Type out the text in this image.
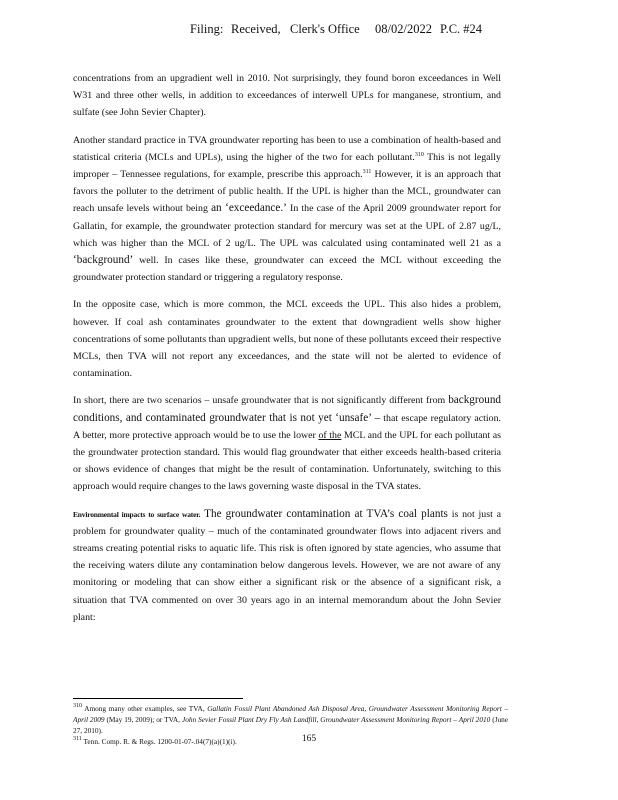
Filing: Received, Clerk's Office 08/02/2022 P.C. #24

concentrations from an upgradient well in 2010. Not surprisingly, they found boron exceedances in Well W31 and three other wells, in addition to exceedances of interwell UPLs for manganese, strontium, and sulfate (see John Sevier Chapter).

Another standard practice in TVA groundwater reporting has been to use a combination of health-based and statistical criteria (MCLs and UPLs), using the higher of the two for each pollutant.$^{310}$ This is not legally improper – Tennessee regulations, for example, prescribe this approach.$^{311}$ However, it is an approach that favors the polluter to the detriment of public health. If the UPL is higher than the MCL, groundwater can reach unsafe levels without being an ‘exceedance.’ In the case of the April 2009 groundwater report for Gallatin, for example, the groundwater protection standard for mercury was set at the UPL of 2.87 ug/L, which was higher than the MCL of 2 ug/L. The UPL was calculated using contaminated well 21 as a ‘background’ well. In cases like these, groundwater can exceed the MCL without exceeding the groundwater protection standard or triggering a regulatory response.

In the opposite case, which is more common, the MCL exceeds the UPL. This also hides a problem, however. If coal ash contaminates groundwater to the extent that downgradient wells show higher concentrations of some pollutants than upgradient wells, but none of these pollutants exceed their respective MCLs, then TVA will not report any exceedances, and the state will not be alerted to evidence of contamination.

In short, there are two scenarios – unsafe groundwater that is not significantly different from background conditions, and contaminated groundwater that is not yet ‘unsafe’ – that escape regulatory action. A better, more protective approach would be to use the lower of the MCL and the UPL for each pollutant as the groundwater protection standard. This would flag groundwater that either exceeds health-based criteria or shows evidence of changes that might be the result of contamination. Unfortunately, switching to this approach would require changes to the laws governing waste disposal in the TVA states.

Environmental impacts to surface water. The groundwater contamination at TVA’s coal plants is not just a problem for groundwater quality – much of the contaminated groundwater flows into adjacent rivers and streams creating potential risks to aquatic life. This risk is often ignored by state agencies, who assume that the receiving waters dilute any contamination below dangerous levels. However, we are not aware of any monitoring or modeling that can show either a significant risk or the absence of a significant risk, a situation that TVA commented on over 30 years ago in an internal memorandum about the John Sevier plant:

$^{310}$ Among many other examples, see TVA, Gallatin Fossil Plant Abandoned Ash Disposal Area, Groundwater Assessment Monitoring Report – April 2009 (May 19, 2009); or TVA, John Sevier Fossil Plant Dry Fly Ash Landfill, Groundwater Assessment Monitoring Report – April 2010 (June 27, 2010).
$^{311}$ Tenn. Comp. R. & Regs. 1200-01-07-.04(7)(a)(1)(i).	165
